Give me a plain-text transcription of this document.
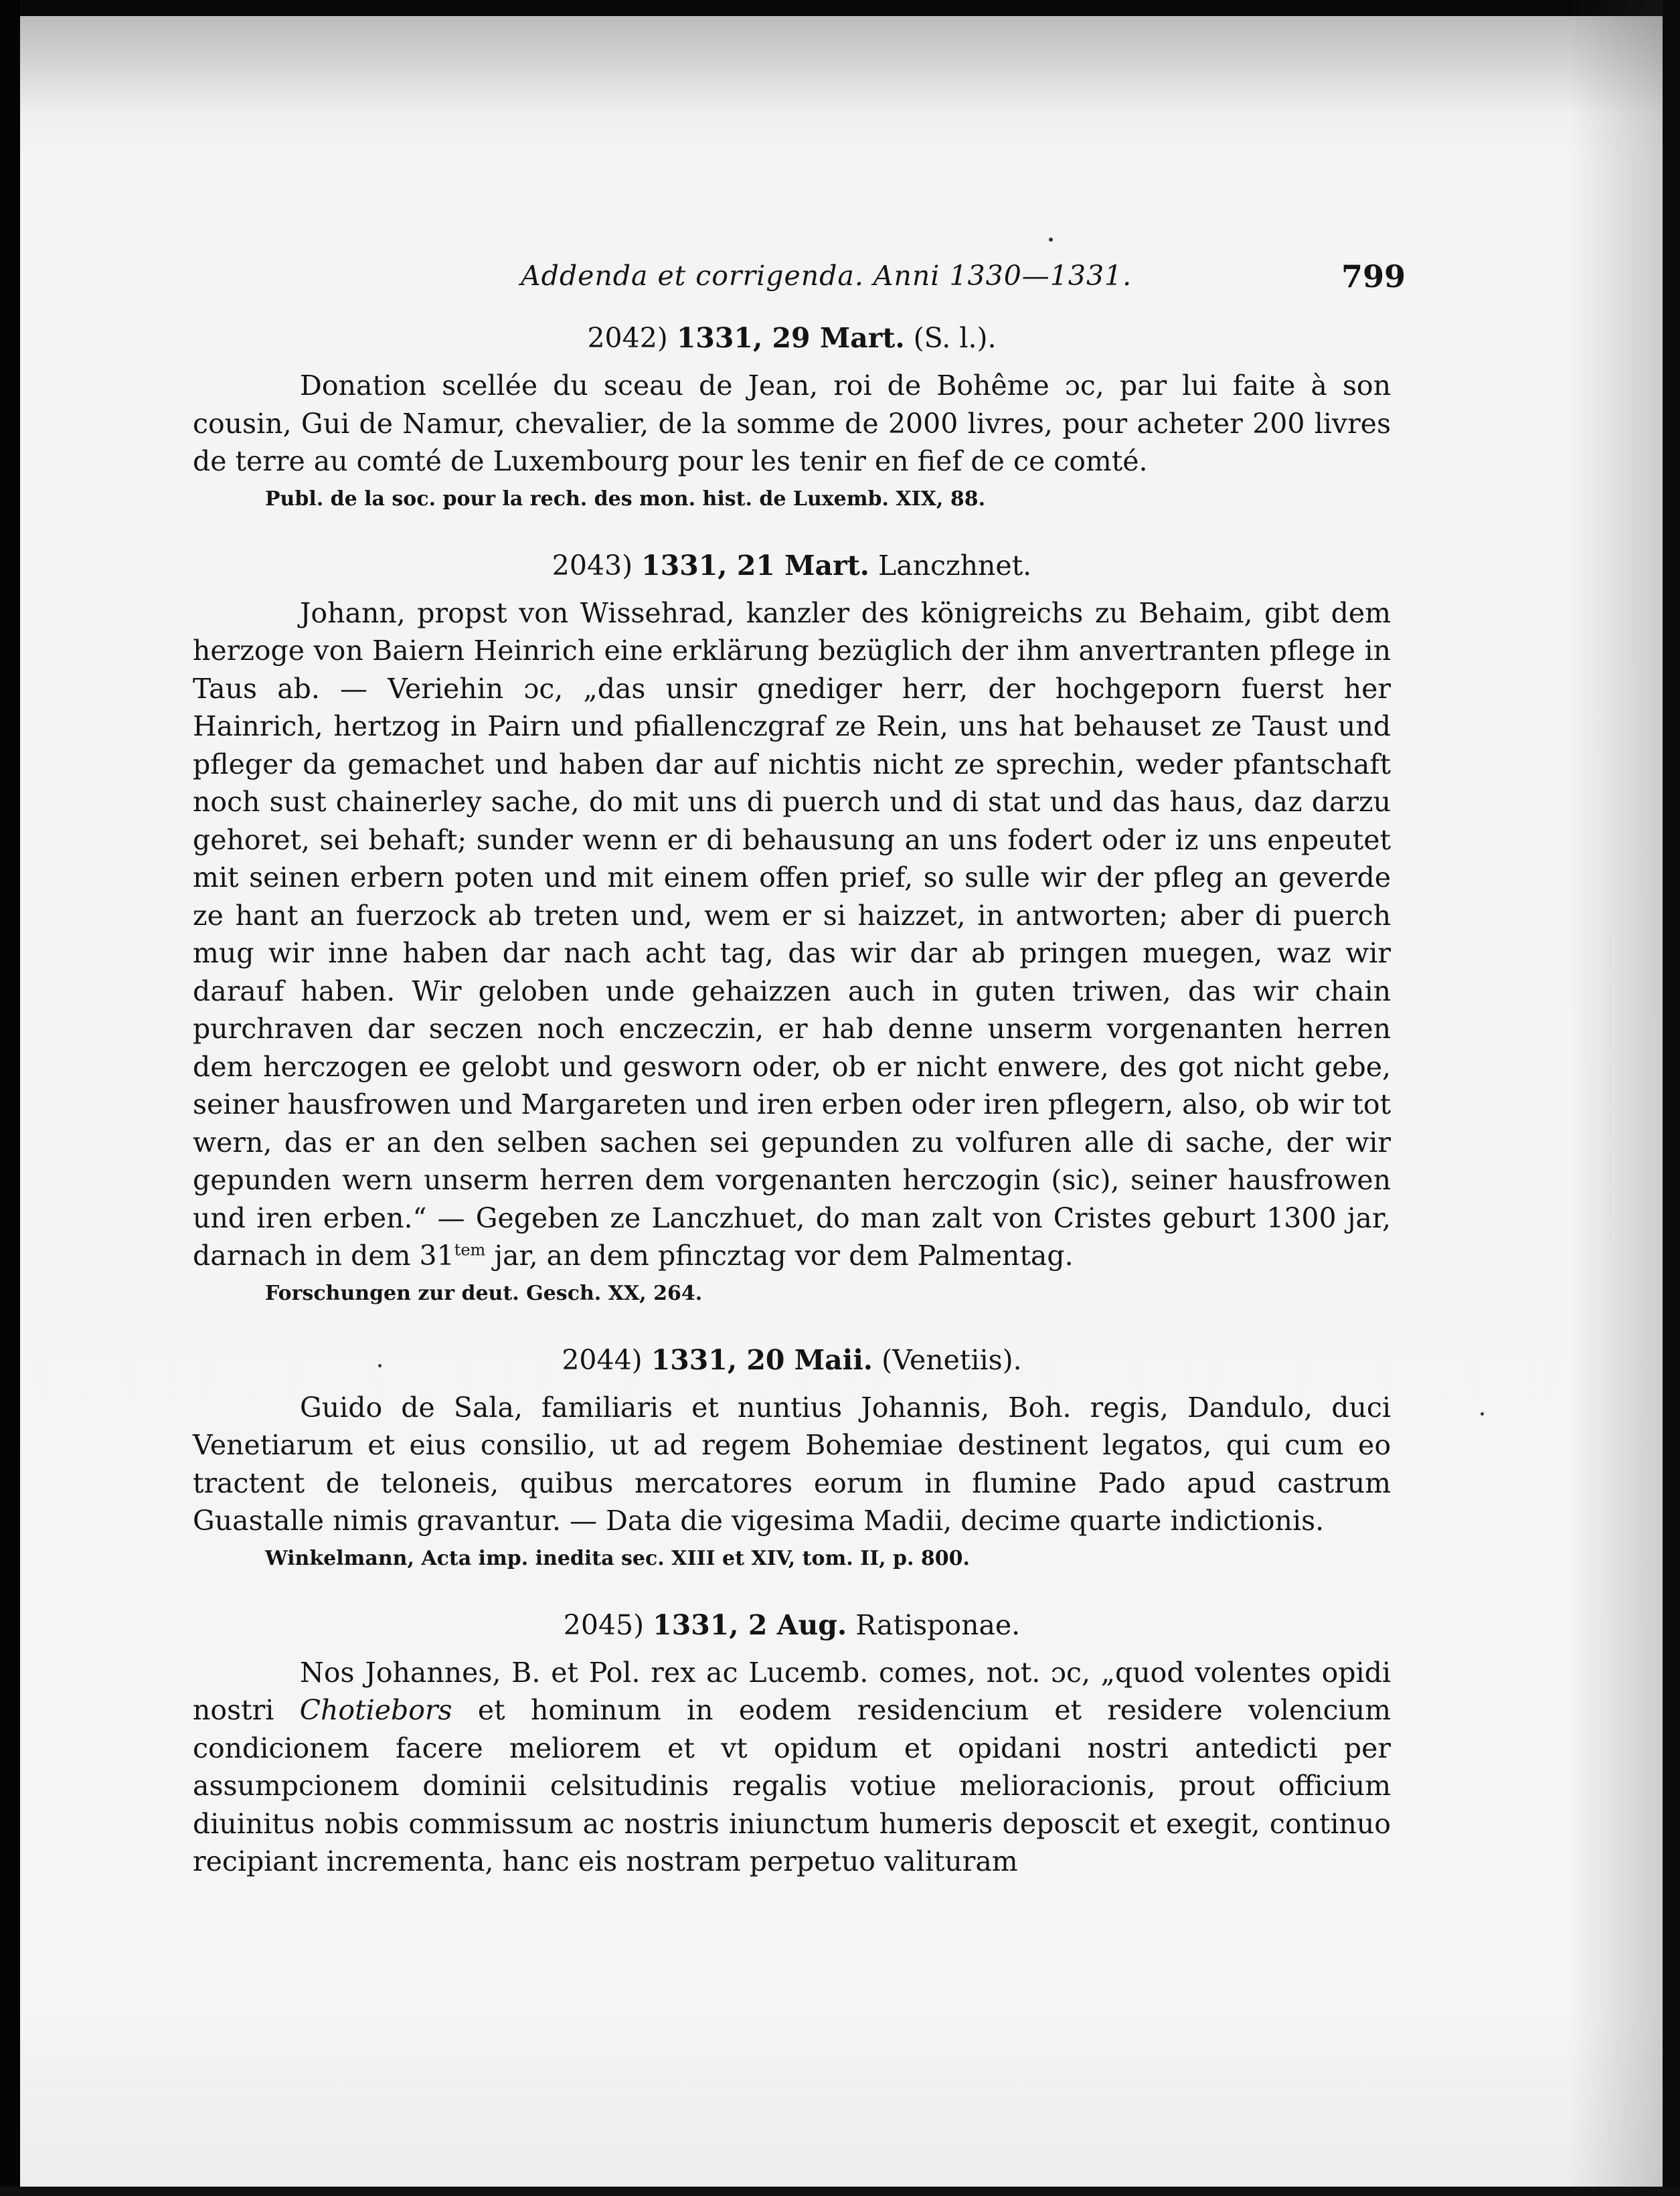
Addenda et corrigenda. Anni 1330—1331.	799
2042) 1331, 29 Mart. (S. l.).

Donation scellée du sceau de Jean, roi de Bohême ɔc, par lui faite à son cousin, Gui de Namur, chevalier, de la somme de 2000 livres, pour acheter 200 livres de terre au comté de Luxembourg pour les tenir en fief de ce comté.

Publ. de la soc. pour la rech. des mon. hist. de Luxemb. XIX, 88.
2043) 1331, 21 Mart. Lanczhnet.

Johann, propst von Wissehrad, kanzler des königreichs zu Behaim, gibt dem herzoge von Baiern Heinrich eine erklärung bezüglich der ihm anvertranten pflege in Taus ab. — Veriehin ɔc, „das unsir gnediger herr, der hochgeporn fuerst her Hainrich, hertzog in Pairn und pfiallenczgraf ze Rein, uns hat behauset ze Taust und pfleger da gemachet und haben dar auf nichtis nicht ze sprechin, weder pfantschaft noch sust chainerley sache, do mit uns di puerch und di stat und das haus, daz darzu gehoret, sei behaft; sunder wenn er di behausung an uns fodert oder iz uns enpeutet mit seinen erbern poten und mit einem offen prief, so sulle wir der pfleg an geverde ze hant an fuerzock ab treten und, wem er si haizzet, in antworten; aber di puerch mug wir inne haben dar nach acht tag, das wir dar ab pringen muegen, waz wir darauf haben. Wir geloben unde gehaizzen auch in guten triwen, das wir chain purchraven dar seczen noch enczeczin, er hab denne unserm vorgenanten herren dem herczogen ee gelobt und gesworn oder, ob er nicht enwere, des got nicht gebe, seiner hausfrowen und Margareten und iren erben oder iren pflegern, also, ob wir tot wern, das er an den selben sachen sei gepunden zu volfuren alle di sache, der wir gepunden wern unserm herren dem vorgenanten herczogin (sic), seiner hausfrowen und iren erben.“ — Gegeben ze Lanczhuet, do man zalt von Cristes geburt 1300 jar, darnach in dem $31^{tem}$ jar, an dem pfincztag vor dem Palmentag.

Forschungen zur deut. Gesch. XX, 264.
2044) 1331, 20 Maii. (Venetiis).

Guido de Sala, familiaris et nuntius Johannis, Boh. regis, Dandulo, duci Venetiarum et eius consilio, ut ad regem Bohemiae destinent legatos, qui cum eo tractent de teloneis, quibus mercatores eorum in flumine Pado apud castrum Guastalle nimis gravantur. — Data die vigesima Madii, decime quarte indictionis.

Winkelmann, Acta imp. inedita sec. XIII et XIV, tom. II, p. 800.
2045) 1331, 2 Aug. Ratisponae.

Nos Johannes, B. et Pol. rex ac Lucemb. comes, not. ɔc, „quod volentes opidi nostri Chotiebors et hominum in eodem residencium et residere volencium condicionem facere meliorem et vt opidum et opidani nostri antedicti per assumpcionem dominii celsitudinis regalis votiue melioracionis, prout officium diuinitus nobis commissum ac nostris iniunctum humeris deposcit et exegit, continuo recipiant incrementa, hanc eis nostram perpetuo valituram
